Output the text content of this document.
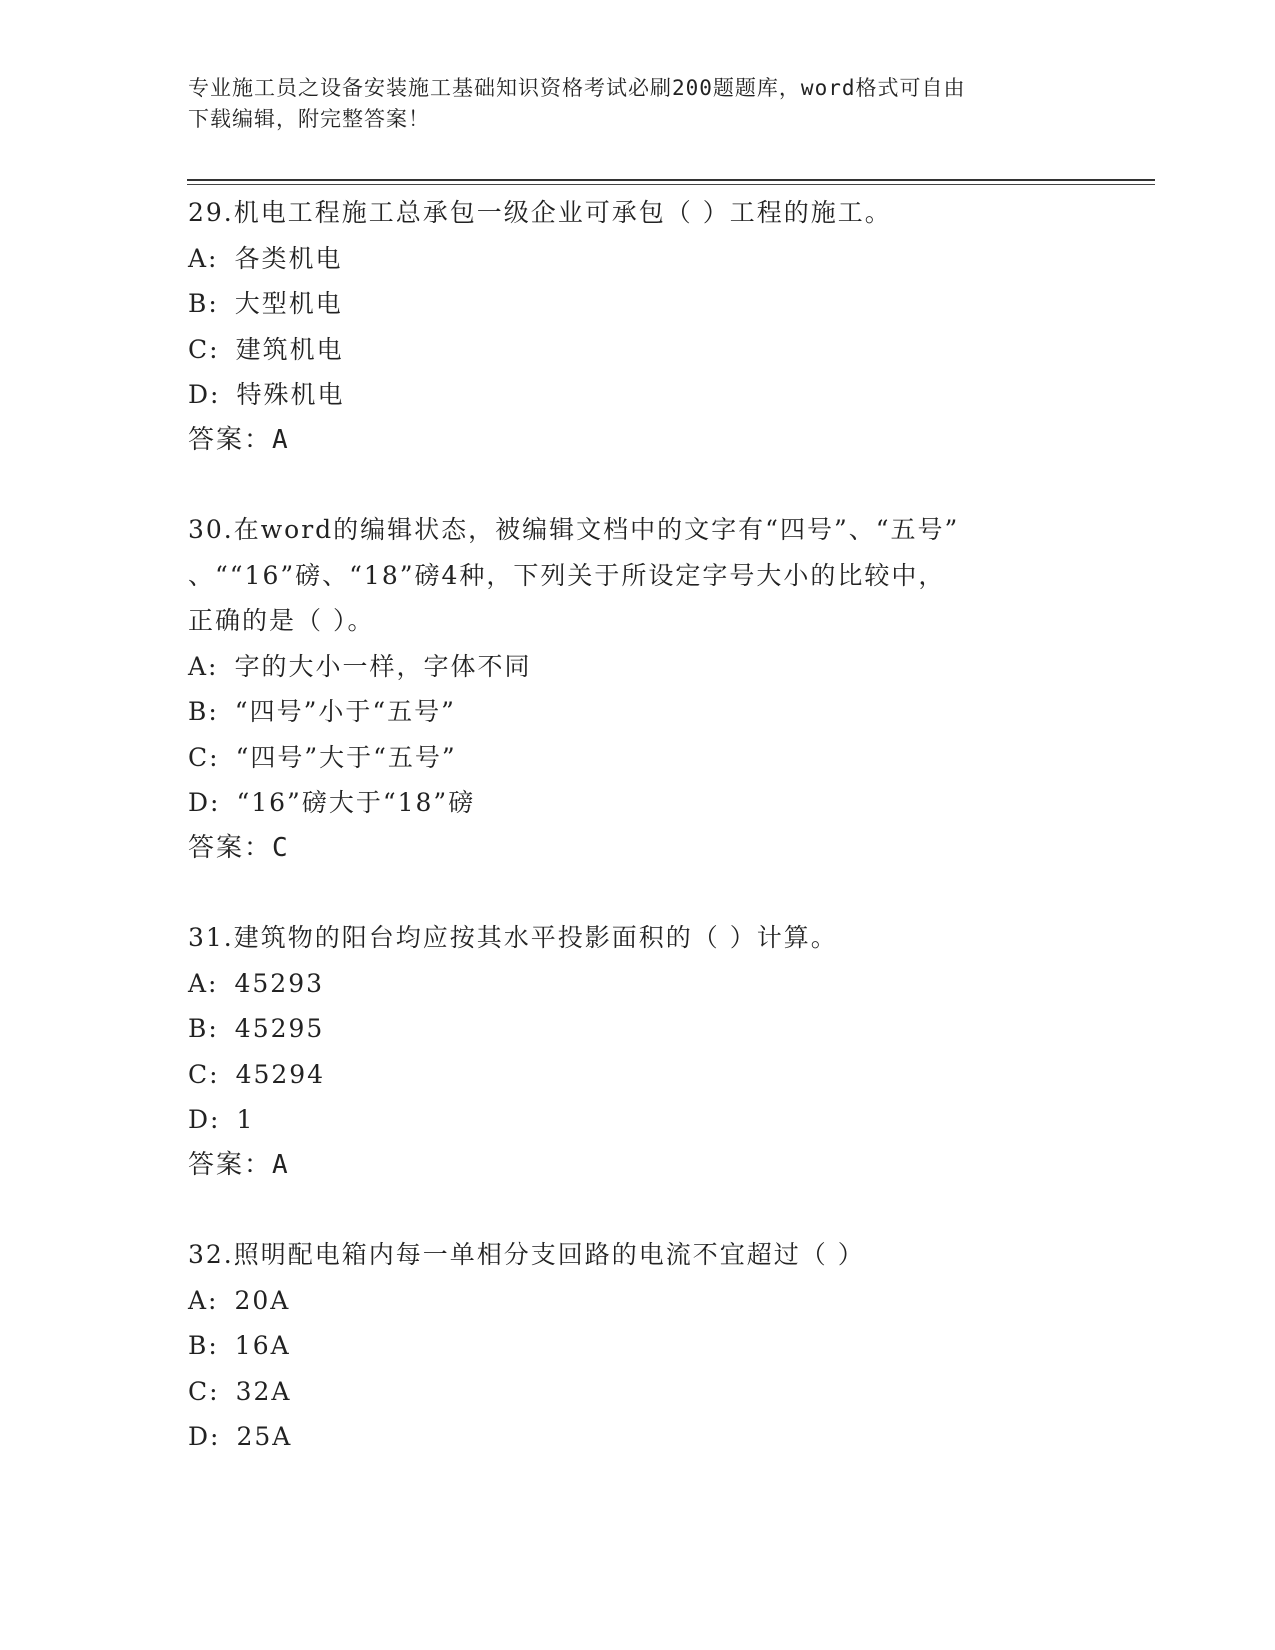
专业施工员之设备安装施工基础知识资格考试必刷200题题库，word格式可自由
下载编辑，附完整答案！
29.机电工程施工总承包一级企业可承包（ ）工程的施工。
A: 各类机电
B: 大型机电
C: 建筑机电
D: 特殊机电
答案：A
30.在word的编辑状态，被编辑文档中的文字有“四号”、“五号”
、““16”磅、“18”磅4种，下列关于所设定字号大小的比较中，
正确的是（ ）。
A: 字的大小一样，字体不同
B: “四号”小于“五号”
C: “四号”大于“五号”
D: “16”磅大于“18”磅
答案：C
31.建筑物的阳台均应按其水平投影面积的（ ）计算。
A: 45293
B: 45295
C: 45294
D: 1
答案：A
32.照明配电箱内每一单相分支回路的电流不宜超过（ ）
A: 20A
B: 16A
C: 32A
D: 25A
